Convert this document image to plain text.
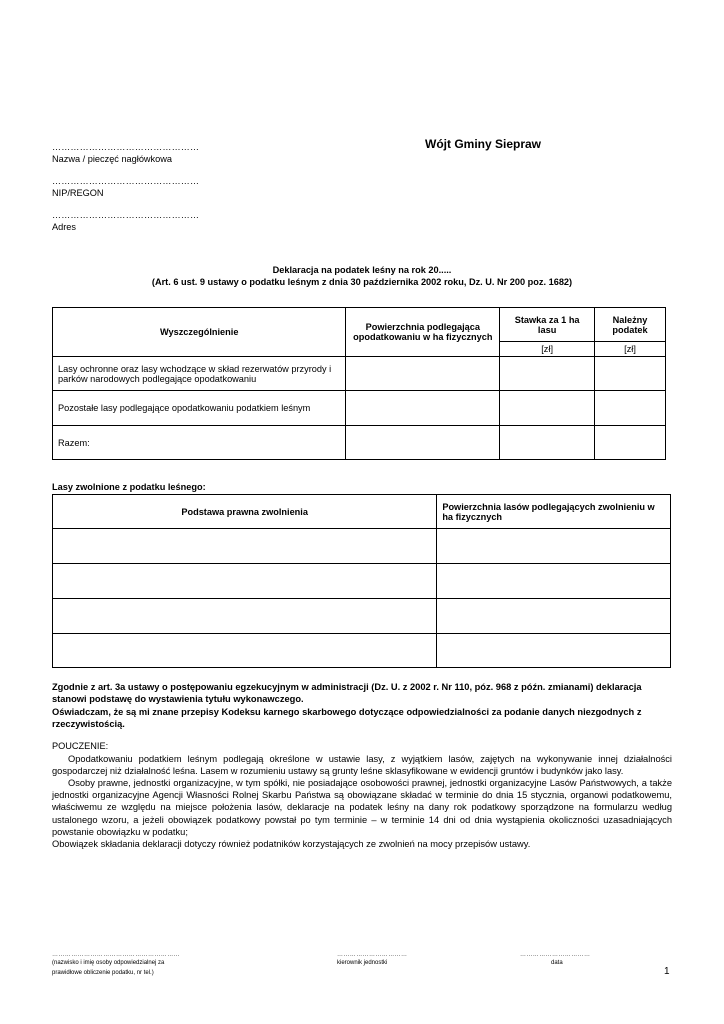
Wójt Gminy Siepraw
…………………………………………
Nazwa / pieczęć nagłówkowa
…………………………………………
NIP/REGON
…………………………………………
Adres
Deklaracja na podatek leśny na rok 20.....
(Art. 6 ust. 9 ustawy o podatku leśnym z dnia 30 października 2002 roku, Dz. U. Nr 200 poz. 1682)
Wyszczególnienie	Powierzchnia podlegająca opodatkowaniu w ha fizycznych	Stawka za 1 ha lasu	Należny podatek
		[zł]	[zł]
Lasy ochronne oraz lasy wchodzące w skład rezerwatów przyrody i parków narodowych podlegające opodatkowaniu			
Pozostałe lasy podlegające opodatkowaniu podatkiem leśnym			
Razem:			
Lasy zwolnione z podatku leśnego:
Podstawa prawna zwolnienia	Powierzchnia lasów podlegających zwolnieniu w ha fizycznych

Zgodnie z art. 3a ustawy o postępowaniu egzekucyjnym w administracji (Dz. U. z 2002 r. Nr 110, póz. 968 z późn. zmianami) deklaracja stanowi podstawę do wystawienia tytułu wykonawczego.
Oświadczam, że są mi znane przepisy Kodeksu karnego skarbowego dotyczące odpowiedzialności za podanie danych niezgodnych z rzeczywistością.
POUCZENIE:
Opodatkowaniu podatkiem leśnym podlegają określone w ustawie lasy, z wyjątkiem lasów, zajętych na wykonywanie innej działalności gospodarczej niż działalność leśna. Lasem w rozumieniu ustawy są grunty leśne sklasyfikowane w ewidencji gruntów i budynków jako lasy.
Osoby prawne, jednostki organizacyjne, w tym spółki, nie posiadające osobowości prawnej, jednostki organizacyjne Lasów Państwowych, a także jednostki organizacyjne Agencji Własności Rolnej Skarbu Państwa są obowiązane składać w terminie do dnia 15 stycznia, organowi podatkowemu, właściwemu ze względu na miejsce położenia lasów, deklaracje na podatek leśny na dany rok podatkowy sporządzone na formularzu według ustalonego wzoru, a jeżeli obowiązek podatkowy powstał po tym terminie – w terminie 14 dni od dnia wystąpienia okoliczności uzasadniających powstanie obowiązku w podatku;
Obowiązek składania deklaracji dotyczy również podatników korzystających ze zwolnień na mocy przepisów ustawy.
……………………………………………………
(nazwisko i imię osoby odpowiedzialnej za
prawidłowe obliczenie podatku, nr tel.)
……………………………
kierownik jednostki
……………………………
data
1
